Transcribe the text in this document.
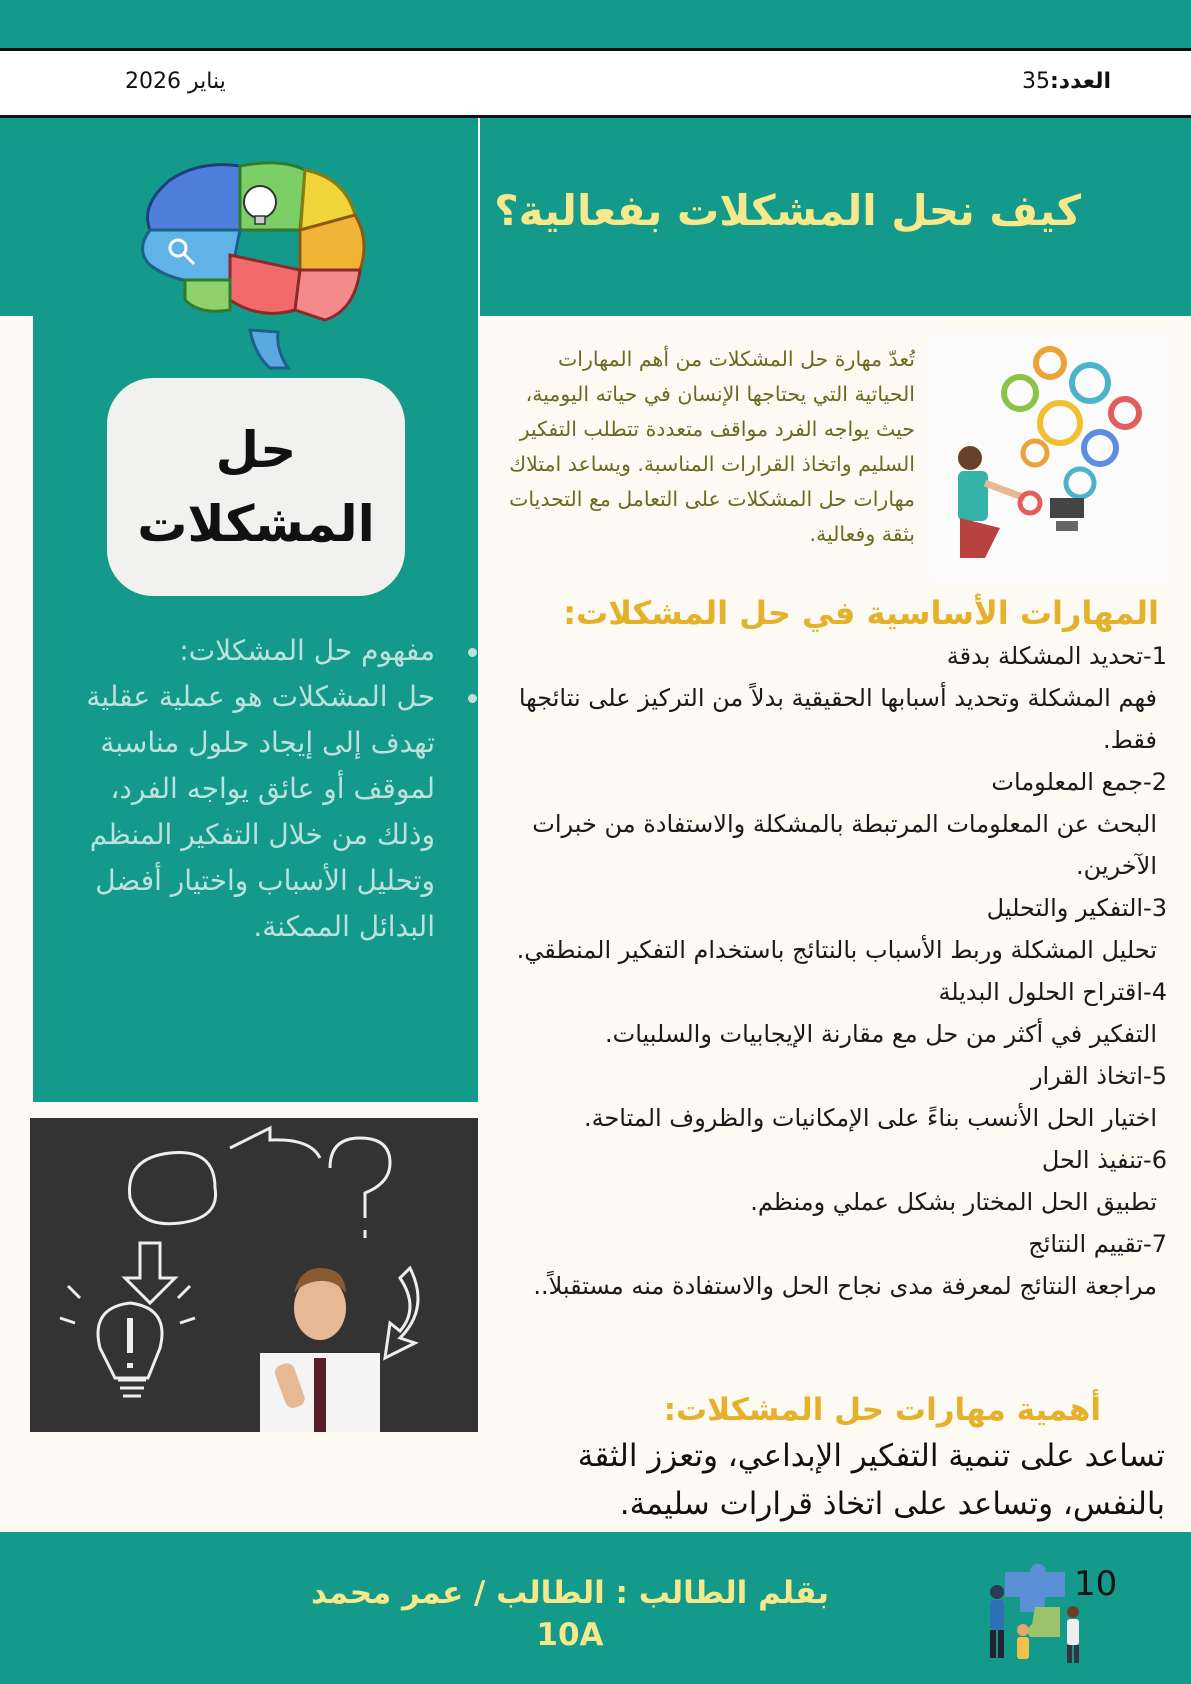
العدد:35
يناير 2026
كيف نحل المشكلات بفعالية؟
حل
المشكلات
مفهوم حل المشكلات:
حل المشكلات هو عملية عقلية تهدف إلى إيجاد حلول مناسبة لموقف أو عائق يواجه الفرد، وذلك من خلال التفكير المنظم وتحليل الأسباب واختيار أفضل البدائل الممكنة.
تُعدّ مهارة حل المشكلات من أهم المهارات الحياتية التي يحتاجها الإنسان في حياته اليومية، حيث يواجه الفرد مواقف متعددة تتطلب التفكير السليم واتخاذ القرارات المناسبة. ويساعد امتلاك مهارات حل المشكلات على التعامل مع التحديات بثقة وفعالية.
المهارات الأساسية في حل المشكلات:

1-تحديد المشكلة بدقة

فهم المشكلة وتحديد أسبابها الحقيقية بدلاً من التركيز على نتائجها فقط.

2-جمع المعلومات

البحث عن المعلومات المرتبطة بالمشكلة والاستفادة من خبرات الآخرين.

3-التفكير والتحليل

تحليل المشكلة وربط الأسباب بالنتائج باستخدام التفكير المنطقي.

4-اقتراح الحلول البديلة

التفكير في أكثر من حل مع مقارنة الإيجابيات والسلبيات.

5-اتخاذ القرار

اختيار الحل الأنسب بناءً على الإمكانيات والظروف المتاحة.

6-تنفيذ الحل

تطبيق الحل المختار بشكل عملي ومنظم.

7-تقييم النتائج

مراجعة النتائج لمعرفة مدى نجاح الحل والاستفادة منه مستقبلاً..

أهمية مهارات حل المشكلات:
تساعد على تنمية التفكير الإبداعي، وتعزز الثقة بالنفس، وتساعد على اتخاذ قرارات سليمة.
بقلم الطالب : الطالب / عمر محمد
10A
10
